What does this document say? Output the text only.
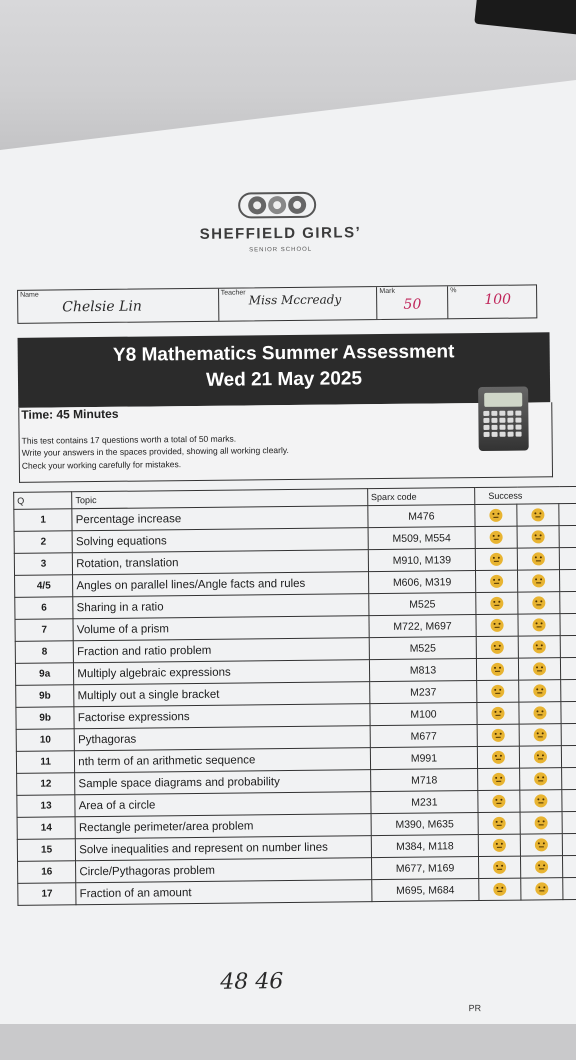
SHEFFIELD GIRLS’
SENIOR SCHOOL
Name
Chelsie Lin
Teacher Miss Mccready
Mark
50
%
100
Y8 Mathematics Summer Assessment
Wed 21 May 2025
Time: 45 Minutes
This test contains 17 questions worth a total of 50 marks.
Write your answers in the spaces provided, showing all working clearly.
Check your working carefully for mistakes.
Q	Topic	Sparx code	Success		
1	Percentage increase	M476			
2	Solving equations	M509, M554			
3	Rotation, translation	M910, M139			
4/5	Angles on parallel lines/Angle facts and rules	M606, M319			
6	Sharing in a ratio	M525			
7	Volume of a prism	M722, M697			
8	Fraction and ratio problem	M525			
9a	Multiply algebraic expressions	M813			
9b	Multiply out a single bracket	M237			
9b	Factorise expressions	M100			
10	Pythagoras	M677			
11	nth term of an arithmetic sequence	M991			
12	Sample space diagrams and probability	M718			
13	Area of a circle	M231			
14	Rectangle perimeter/area problem	M390, M635			
15	Solve inequalities and represent on number lines	M384, M118			
16	Circle/Pythagoras problem	M677, M169			
17	Fraction of an amount	M695, M684			
48 46
PR
